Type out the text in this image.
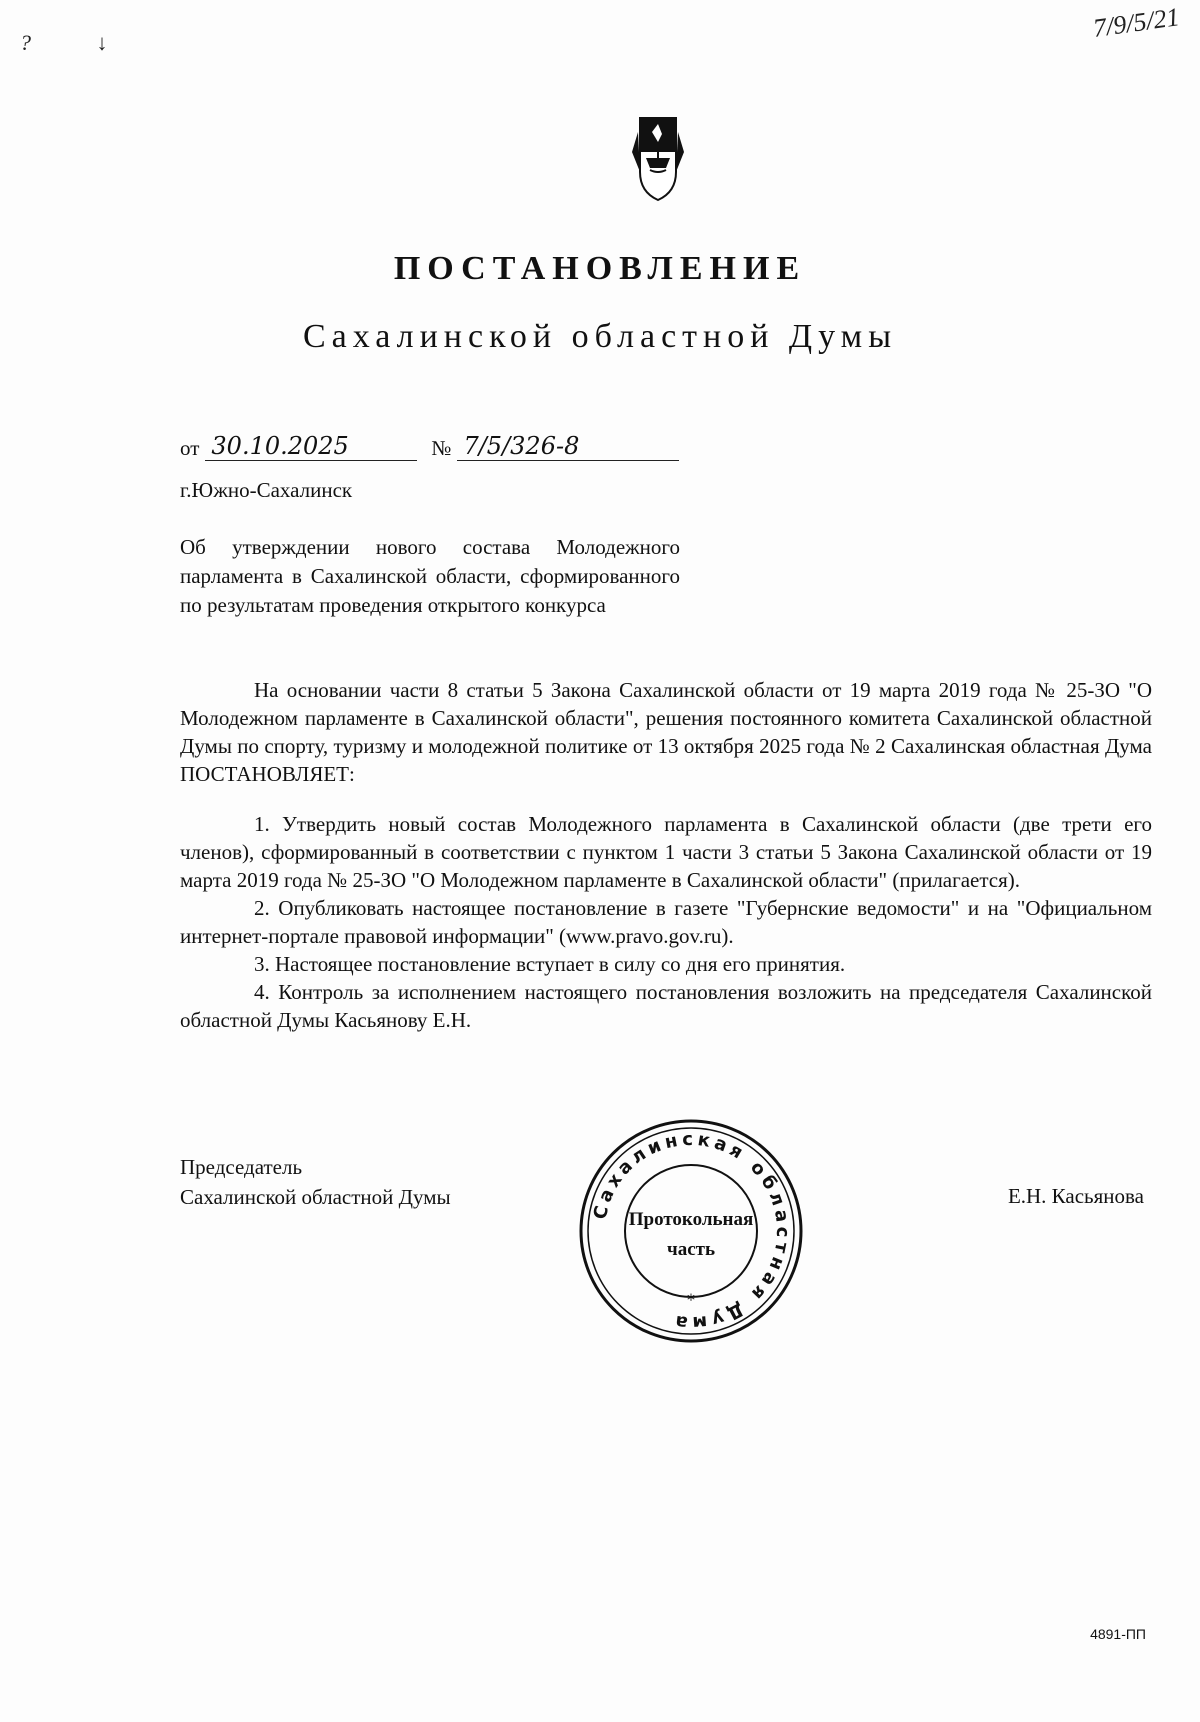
? ↓	7/9/5/21
ПОСТАНОВЛЕНИЕ
Сахалинской областной Думы
от 30.10.2025	№ 7/5/326-8
г.Южно-Сахалинск
Об утверждении нового состава Молодежного парламента в Сахалинской области, сформированного по результатам проведения открытого конкурса

На основании части 8 статьи 5 Закона Сахалинской области от 19 марта 2019 года № 25-ЗО "О Молодежном парламенте в Сахалинской области", решения постоянного комитета Сахалинской областной Думы по спорту, туризму и молодежной политике от 13 октября 2025 года № 2 Сахалинская областная Дума ПОСТАНОВЛЯЕТ:

1. Утвердить новый состав Молодежного парламента в Сахалинской области (две трети его членов), сформированный в соответствии с пунктом 1 части 3 статьи 5 Закона Сахалинской области от 19 марта 2019 года № 25-ЗО "О Молодежном парламенте в Сахалинской области" (прилагается).

2. Опубликовать настоящее постановление в газете "Губернские ведомости" и на "Официальном интернет-портале правовой информации" (www.pravo.gov.ru).

3. Настоящее постановление вступает в силу со дня его принятия.

4. Контроль за исполнением настоящего постановления возложить на председателя Сахалинской областной Думы Касьянову Е.Н.

Председатель
Сахалинской областной Думы	Е.Н. Касьянова
Сахалинская областная Дума
*
Протокольная
часть
4891-ПП
